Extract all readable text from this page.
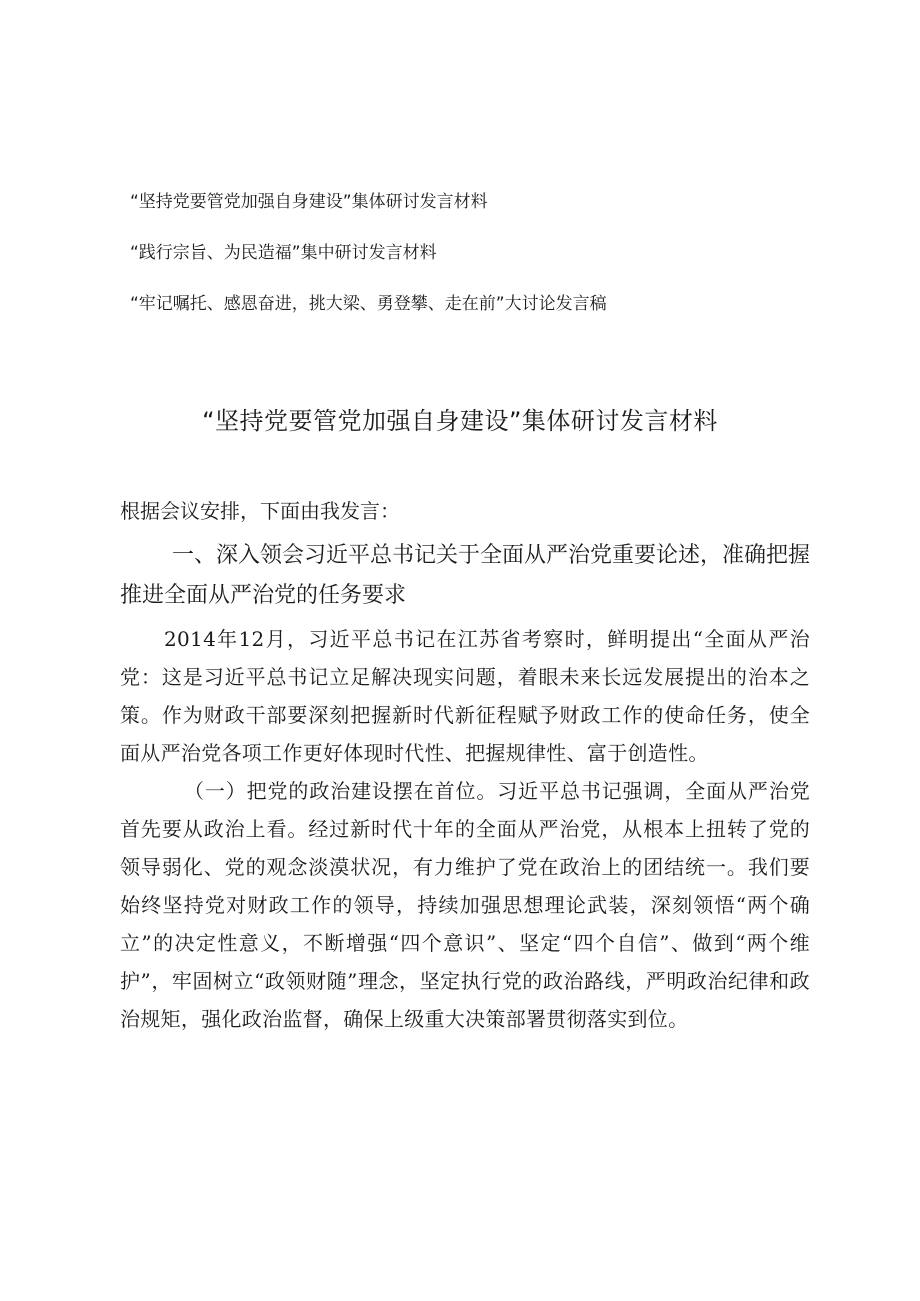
“坚持党要管党加强自身建设”集体研讨发言材料

“践行宗旨、为民造福”集中研讨发言材料

“牢记嘱托、感恩奋进，挑大梁、勇登攀、走在前”大讨论发言稿

“坚持党要管党加强自身建设”集体研讨发言材料

根据会议安排，下面由我发言：

一、深入领会习近平总书记关于全面从严治党重要论述，准确把握推进全面从严治党的任务要求

2014年12月，习近平总书记在江苏省考察时，鲜明提出“全面从严治党：这是习近平总书记立足解决现实问题，着眼未来长远发展提出的治本之策。作为财政干部要深刻把握新时代新征程赋予财政工作的使命任务，使全面从严治党各项工作更好体现时代性、把握规律性、富于创造性。

（一）把党的政治建设摆在首位。习近平总书记强调，全面从严治党首先要从政治上看。经过新时代十年的全面从严治党，从根本上扭转了党的领导弱化、党的观念淡漠状况，有力维护了党在政治上的团结统一。我们要始终坚持党对财政工作的领导，持续加强思想理论武装，深刻领悟“两个确立”的决定性意义，不断增强“四个意识”、坚定“四个自信”、做到“两个维护”，牢固树立“政领财随”理念，坚定执行党的政治路线，严明政治纪律和政治规矩，强化政治监督，确保上级重大决策部署贯彻落实到位。
